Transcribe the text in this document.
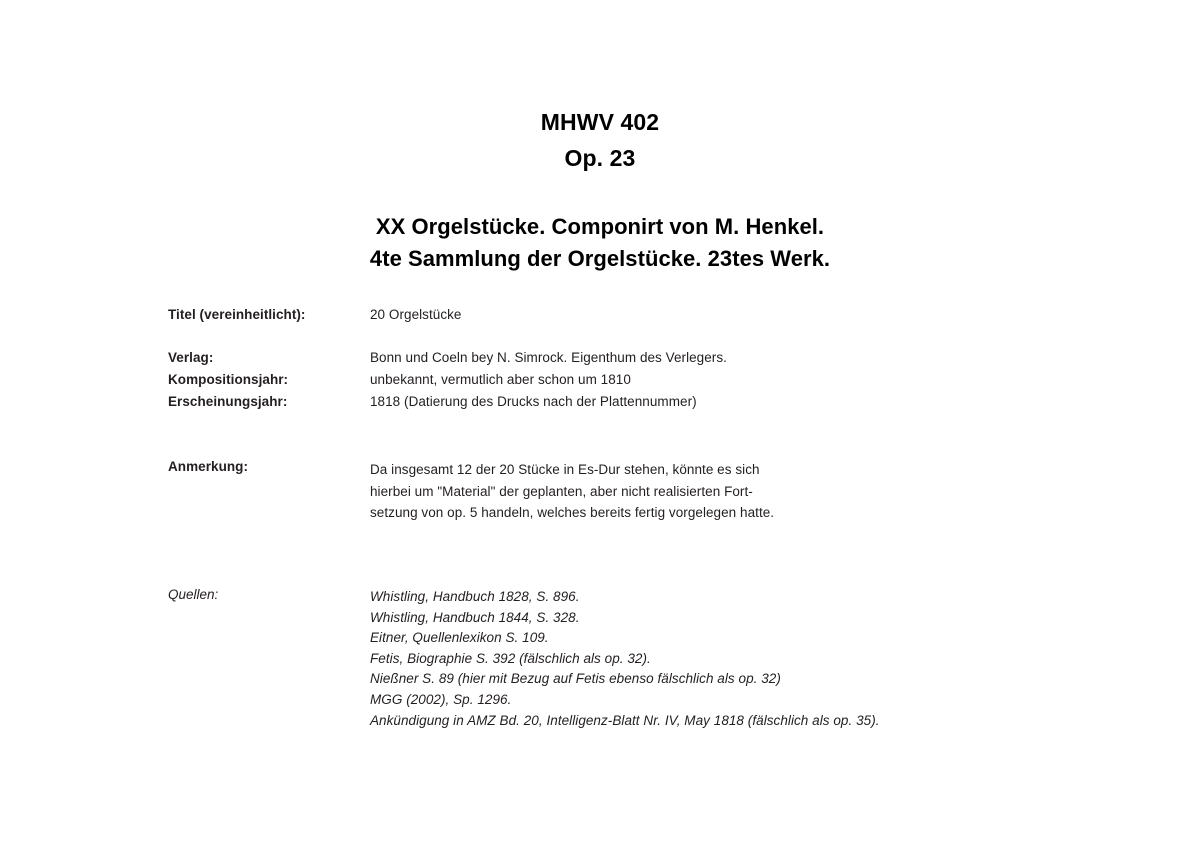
MHWV 402
Op. 23
XX Orgelstücke. Componirt von M. Henkel.
4te Sammlung der Orgelstücke. 23tes Werk.
Titel (vereinheitlicht):	20 Orgelstücke
Verlag:	Bonn und Coeln bey N. Simrock. Eigenthum des Verlegers.
Kompositionsjahr:	unbekannt, vermutlich aber schon um 1810
Erscheinungsjahr:	1818 (Datierung des Drucks nach der Plattennummer)
Anmerkung:	Da insgesamt 12 der 20 Stücke in Es-Dur stehen, könnte es sich
hierbei um "Material" der geplanten, aber nicht realisierten Fort-
setzung von op. 5 handeln, welches bereits fertig vorgelegen hatte.
Quellen:	Whistling, Handbuch 1828, S. 896.
Whistling, Handbuch 1844, S. 328.
Eitner, Quellenlexikon S. 109.
Fetis, Biographie S. 392 (fälschlich als op. 32).
Nießner S. 89 (hier mit Bezug auf Fetis ebenso fälschlich als op. 32)
MGG (2002), Sp. 1296.
Ankündigung in AMZ Bd. 20, Intelligenz-Blatt Nr. IV, May 1818 (fälschlich als op. 35).
